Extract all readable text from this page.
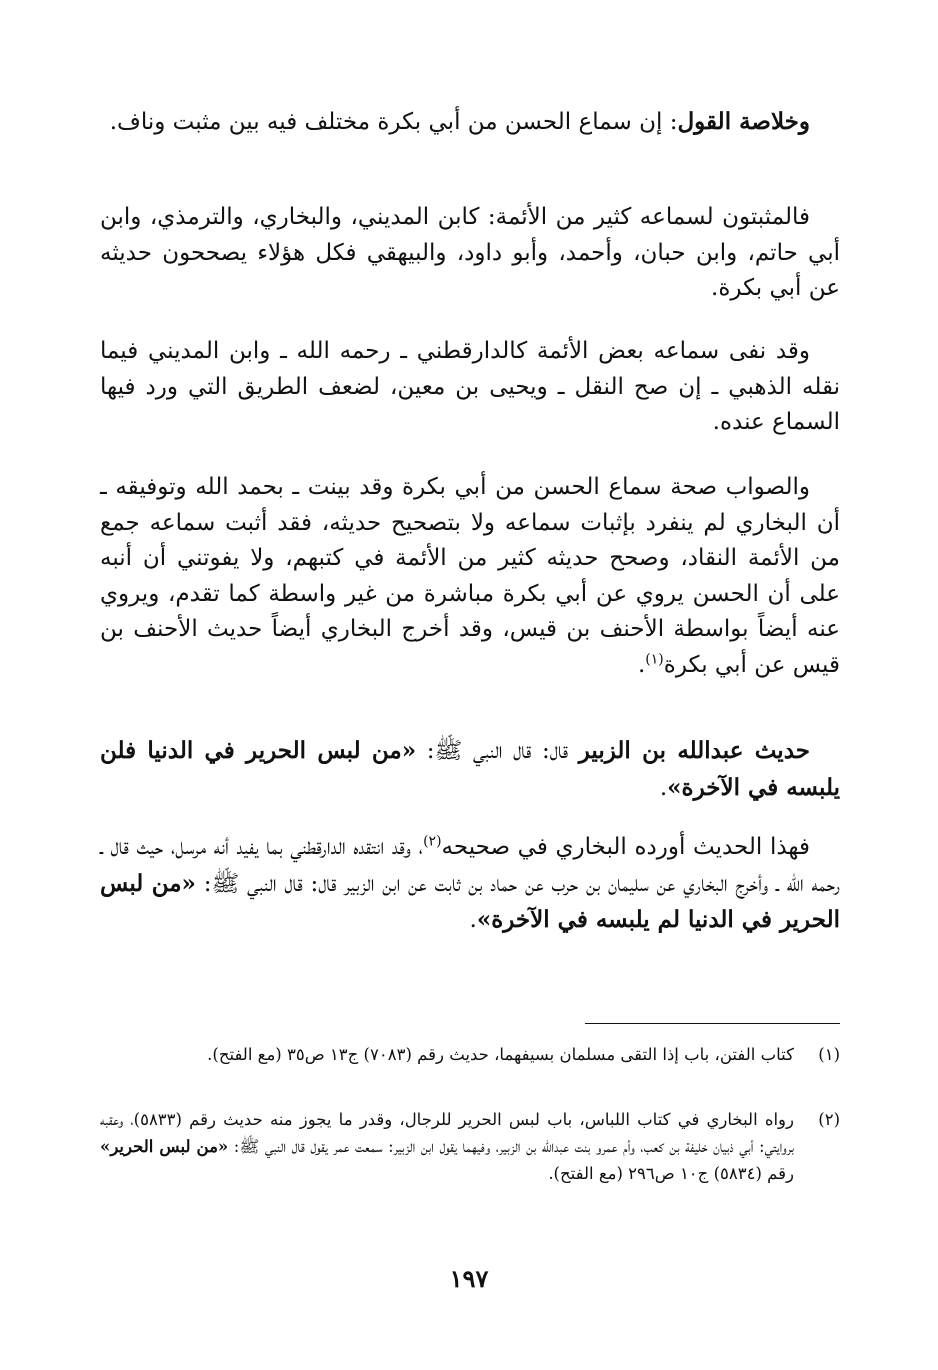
وخلاصة القول: إن سماع الحسن من أبي بكرة مختلف فيه بين مثبت وناف.

فالمثبتون لسماعه كثير من الأئمة: كابن المديني، والبخاري، والترمذي، وابن أبي حاتم، وابن حبان، وأحمد، وأبو داود، والبيهقي فكل هؤلاء يصححون حديثه عن أبي بكرة.

وقد نفى سماعه بعض الأئمة كالدارقطني ـ رحمه الله ـ وابن المديني فيما نقله الذهبي ـ إن صح النقل ـ ويحيى بن معين، لضعف الطريق التي ورد فيها السماع عنده.

والصواب صحة سماع الحسن من أبي بكرة وقد بينت ـ بحمد الله وتوفيقه ـ أن البخاري لم ينفرد بإثبات سماعه ولا بتصحيح حديثه، فقد أثبت سماعه جمع من الأئمة النقاد، وصحح حديثه كثير من الأئمة في كتبهم، ولا يفوتني أن أنبه على أن الحسن يروي عن أبي بكرة مباشرة من غير واسطة كما تقدم، ويروي عنه أيضاً بواسطة الأحنف بن قيس، وقد أخرج البخاري أيضاً حديث الأحنف بن قيس عن أبي بكرة$^{(١)}$.

حديث عبدالله بن الزبير قال: قال النبي ﷺ: «من لبس الحرير في الدنيا فلن يلبسه في الآخرة».

فهذا الحديث أورده البخاري في صحيحه$^{(٢)}$، وقد انتقده الدارقطني بما يفيد أنه مرسل، حيث قال ـ رحمه الله ـ وأخرج البخاري عن سليمان بن حرب عن حماد بن ثابت عن ابن الزبير قال: قال النبي ﷺ: «من لبس الحرير في الدنيا لم يلبسه في الآخرة».

(١)
كتاب الفتن، باب إذا التقى مسلمان بسيفهما، حديث رقم (٧٠٨٣) ج١٣ ص٣٥ (مع الفتح).
(٢)
رواه البخاري في كتاب اللباس، باب لبس الحرير للرجال، وقدر ما يجوز منه حديث رقم (٥٨٣٣)، وعقبه بروايتي: أبي ذبيان خليفة بن كعب، وأم عمرو بنت عبدالله بن الزبير، وفيهما يقول ابن الزبير: سمعت عمر يقول قال النبي ﷺ: «من لبس الحرير» رقم (٥٨٣٤) ج١٠ ص٢٩٦ (مع الفتح).
١٩٧
